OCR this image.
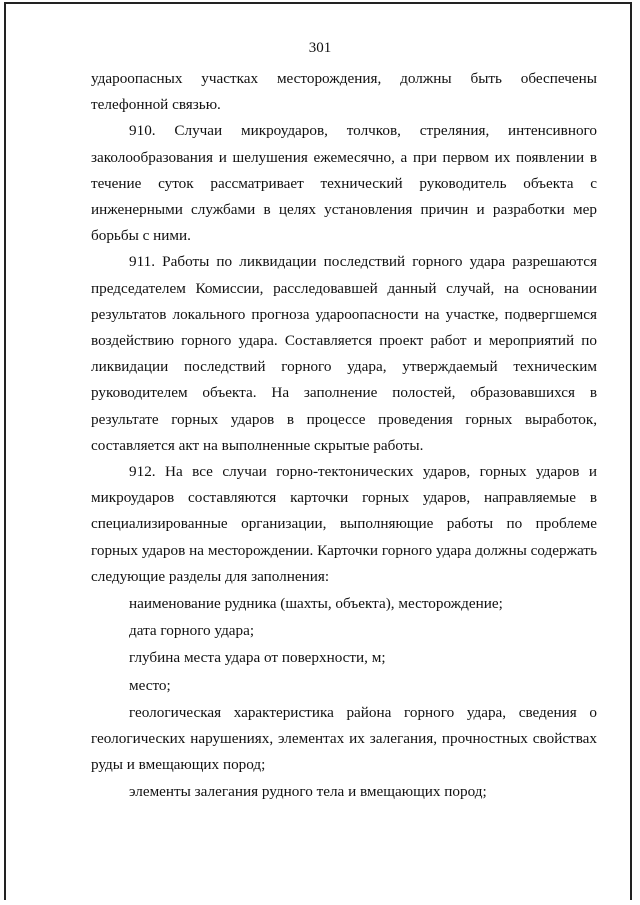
301

удароопасных участках месторождения, должны быть обеспечены телефонной связью.

910. Случаи микроударов, толчков, стреляния, интенсивного заколообразования и шелушения ежемесячно, а при первом их появлении в течение суток рассматривает технический руководитель объекта с инженерными службами в целях установления причин и разработки мер борьбы с ними.

911. Работы по ликвидации последствий горного удара разрешаются председателем Комиссии, расследовавшей данный случай, на основании результатов локального прогноза удароопасности на участке, подвергшемся воздействию горного удара. Составляется проект работ и мероприятий по ликвидации последствий горного удара, утверждаемый техническим руководителем объекта. На заполнение полостей, образовавшихся в результате горных ударов в процессе проведения горных выработок, составляется акт на выполненные скрытые работы.

912. На все случаи горно-тектонических ударов, горных ударов и микроударов составляются карточки горных ударов, направляемые в специализированные организации, выполняющие работы по проблеме горных ударов на месторождении. Карточки горного удара должны содержать следующие разделы для заполнения:

наименование рудника (шахты, объекта), месторождение;

дата горного удара;

глубина места удара от поверхности, м;

место;

геологическая характеристика района горного удара, сведения о геологических нарушениях, элементах их залегания, прочностных свойствах руды и вмещающих пород;

элементы залегания рудного тела и вмещающих пород;
